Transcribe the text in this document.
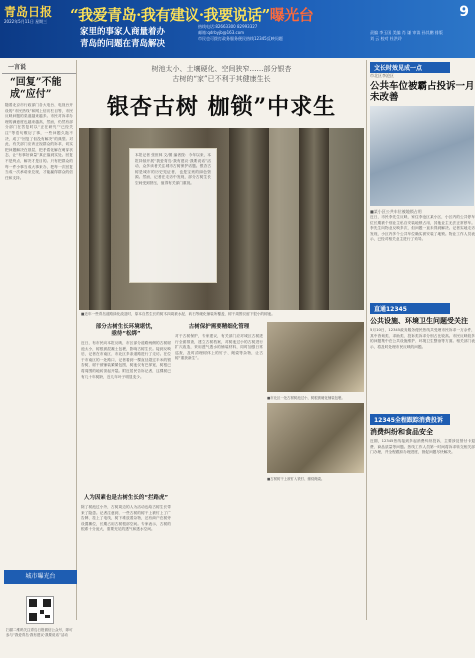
青岛日报
2022年5月11日 星期三 “我爱青岛·我有建议·我要说话”曝光台
家里的事家人商量着办
青岛的问题在青岛解决
热线电话:82663300 82993327
邮箱:qdrbyjb@163.com
市民也可拨打政务服务便民热线12345反映问题
责编 李玉国 美编 肖 谦 审读 孙其鹏 排版 刘 云 校对 杜洪玲
9
一言说
“回复”不能
成“应付”
随着北京市行政部门各大电台、电视台开设的“市民热线”和网上信访栏目等，市民反映问题的渠道越来越多。市民对诉求办理的满意度也越来越高，然而，仍然有部分部门在答复时以“正在研究”“已经关注”等语句敷衍了事，一些问题久拖不决，成了“回复了但没有解决”的典型。对此，有关部门应该正视群众的诉求，切实把问题解决在基层，把矛盾化解在萌芽状态，让“有事好商量”真正落到实处。回复不是终点，解决才是目的。只有把群众的每一件小事当成大事来办，把每一次回复当成一次承诺来兑现，才能赢得群众的信任和支持。
城市曝光台
扫描二维码关注青岛日报微信公众号，即可参与“我爱青岛·我有建议·我要说话”活动
树池太小、土壤硬化、空间狭窄……部分银杏
古树的“家”已不利于其健康生长
银杏古树 枷锁”中求生
本报记者 张世林 文/图 编者按：今年以来，本报持续开展“我爱青岛·我有建议·我要说话”活动，众多读者关注城市古树保护话题。银杏古树是城市的历史见证者，也是宝贵的绿色资源。然而，记者在走访中发现，部分古树生长空间受到挤压，值得有关部门重视。
■近年一些青岛道路绿化改造时，原本自然生长的树木四周被水泥、砖石等硬化铺装所覆盖，树干周围仅留下很小的树池。
部分古树生长环境堪忧，
亟待“松绑”
近日，有市民向本报反映，市区部分道路两侧的古树树池太小，树根被混凝土包裹，影响古树生长。接到反映后，记者在市南区、市北区多条道路进行了走访。在位于市南区的一处路口，记者看到一棵直径超过半米的银杏树，树干被铺装紧紧包围，树池仅有巴掌宽，树根已将周围的地砖顶起开裂。附近居民告诉记者，这棵树已有几十年树龄，近几年叶子明显变少。
人为因素也是古树生长的“拦路虎”
除了树池过小外，古树周边的人为活动也给古树生长带来了隐患。记者注意到，一些古树的树干上被钉上了广告牌、挂上了电线，树下堆放着杂物，还有商户在树旁设置摊位，长期占用古树根部空间。专家表示，古树的根系十分庞大，需要充足的透气和透水空间。
古树保护需要精细化管理
对于古树保护，专家建议，有关部门应对城区古树进行全面排查，建立古树档案，对树池过小的古树进行扩穴改造，采用透气透水的铺装材料，同时加强日常巡查，及时清理树体上的钉子、绳索等杂物，让古树“重获新生”。
■市北区一处古树树池过小，树根被硬化铺装包裹。
■古树树干上被钉入铁钉、缠绕绳索。
文长时效见成一点
市北区李沧区
公共车位被霸占投诉一月未改善
■某小区公共车位被地锁占用
近日，市民李先生反映，家住李沧区某小区，小区内的公共停车位长期被个别业主私自安装地锁占用，其他业主无法正常停车。李先生向物业反映多次，但问题一直未得到解决。记者实地走访发现，小区内多个公共车位确实被安装了地锁。物业工作人员表示，已经对相关业主进行了劝导。
直通12345
公共设施、环境卫生问题受关注
5月10日，12345政务服务便民热线共受理市民诉求一万余件，其中咨询类、求助类、投诉类诉求分别占比较高。市民反映较多的问题集中在公共设施维护、环境卫生整治等方面。相关部门表示，将及时处理市民反映的问题。
12345全程跟踪消费投诉
消费纠纷和食品安全
近期，12345热线接到多起消费纠纷投诉，主要涉及预付卡退费、商品质量等问题。热线工作人员第一时间将诉求转交相关部门办理，并全程跟踪办理进度，督促问题尽快解决。
